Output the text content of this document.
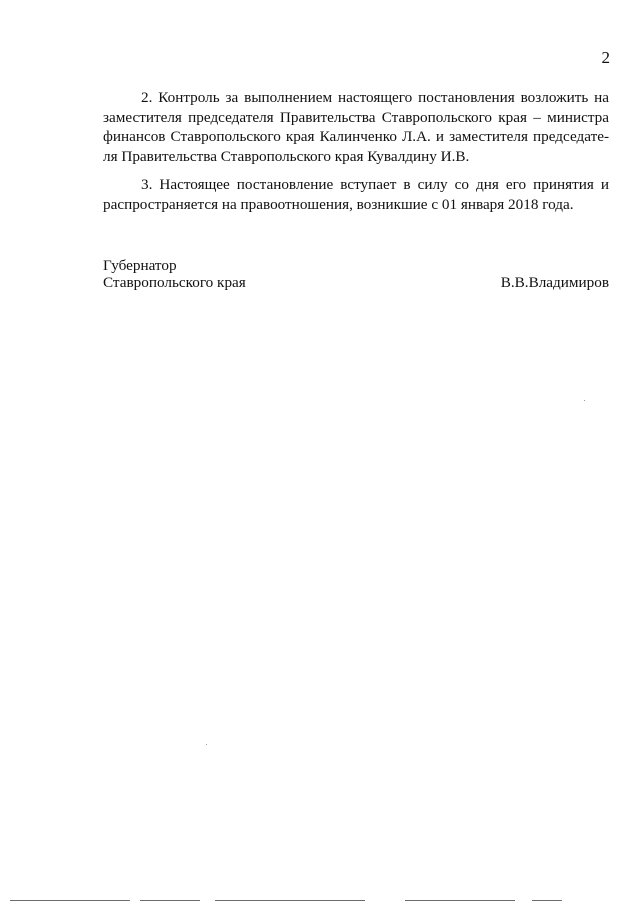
2

2. Контроль за выполнением настоящего постановления возложить на
заместителя председателя Правительства Ставропольского края – министра
финансов Ставропольского края Калинченко Л.А. и заместителя председате-
ля Правительства Ставропольского края Кувалдину И.В.

3. Настоящее постановление вступает в силу со дня его принятия и
распространяется на правоотношения, возникшие с 01 января 2018 года.

Губернатор
Ставропольского края	В.В.Владимиров
